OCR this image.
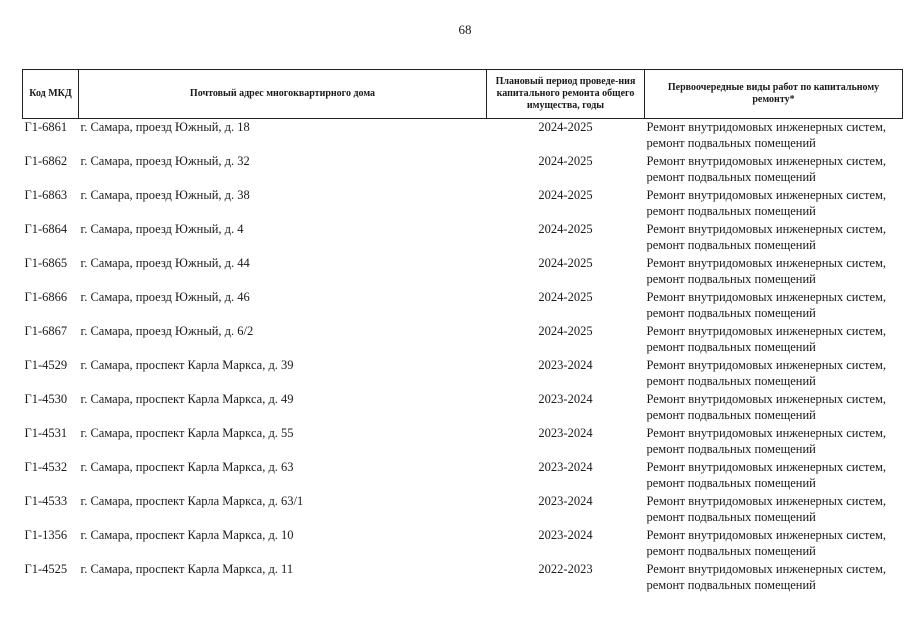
68
Код МКД	Почтовый адрес многоквартирного дома	Плановый период проведе-ния капитального ремонта общего имущества, годы	Первоочередные виды работ по капитальному ремонту*
Г1-6861	г. Самара, проезд Южный, д. 18	2024-2025	Ремонт внутридомовых инженерных систем,
ремонт подвальных помещений

Г1-6862	г. Самара, проезд Южный, д. 32	2024-2025	Ремонт внутридомовых инженерных систем,
ремонт подвальных помещений

Г1-6863	г. Самара, проезд Южный, д. 38	2024-2025	Ремонт внутридомовых инженерных систем,
ремонт подвальных помещений

Г1-6864	г. Самара, проезд Южный, д. 4	2024-2025	Ремонт внутридомовых инженерных систем,
ремонт подвальных помещений

Г1-6865	г. Самара, проезд Южный, д. 44	2024-2025	Ремонт внутридомовых инженерных систем,
ремонт подвальных помещений

Г1-6866	г. Самара, проезд Южный, д. 46	2024-2025	Ремонт внутридомовых инженерных систем,
ремонт подвальных помещений

Г1-6867	г. Самара, проезд Южный, д. 6/2	2024-2025	Ремонт внутридомовых инженерных систем,
ремонт подвальных помещений

Г1-4529	г. Самара, проспект Карла Маркса, д. 39	2023-2024	Ремонт внутридомовых инженерных систем,
ремонт подвальных помещений

Г1-4530	г. Самара, проспект Карла Маркса, д. 49	2023-2024	Ремонт внутридомовых инженерных систем,
ремонт подвальных помещений

Г1-4531	г. Самара, проспект Карла Маркса, д. 55	2023-2024	Ремонт внутридомовых инженерных систем,
ремонт подвальных помещений

Г1-4532	г. Самара, проспект Карла Маркса, д. 63	2023-2024	Ремонт внутридомовых инженерных систем,
ремонт подвальных помещений

Г1-4533	г. Самара, проспект Карла Маркса, д. 63/1	2023-2024	Ремонт внутридомовых инженерных систем,
ремонт подвальных помещений

Г1-1356	г. Самара, проспект Карла Маркса, д. 10	2023-2024	Ремонт внутридомовых инженерных систем,
ремонт подвальных помещений

Г1-4525	г. Самара, проспект Карла Маркса, д. 11	2022-2023	Ремонт внутридомовых инженерных систем,
ремонт подвальных помещений
